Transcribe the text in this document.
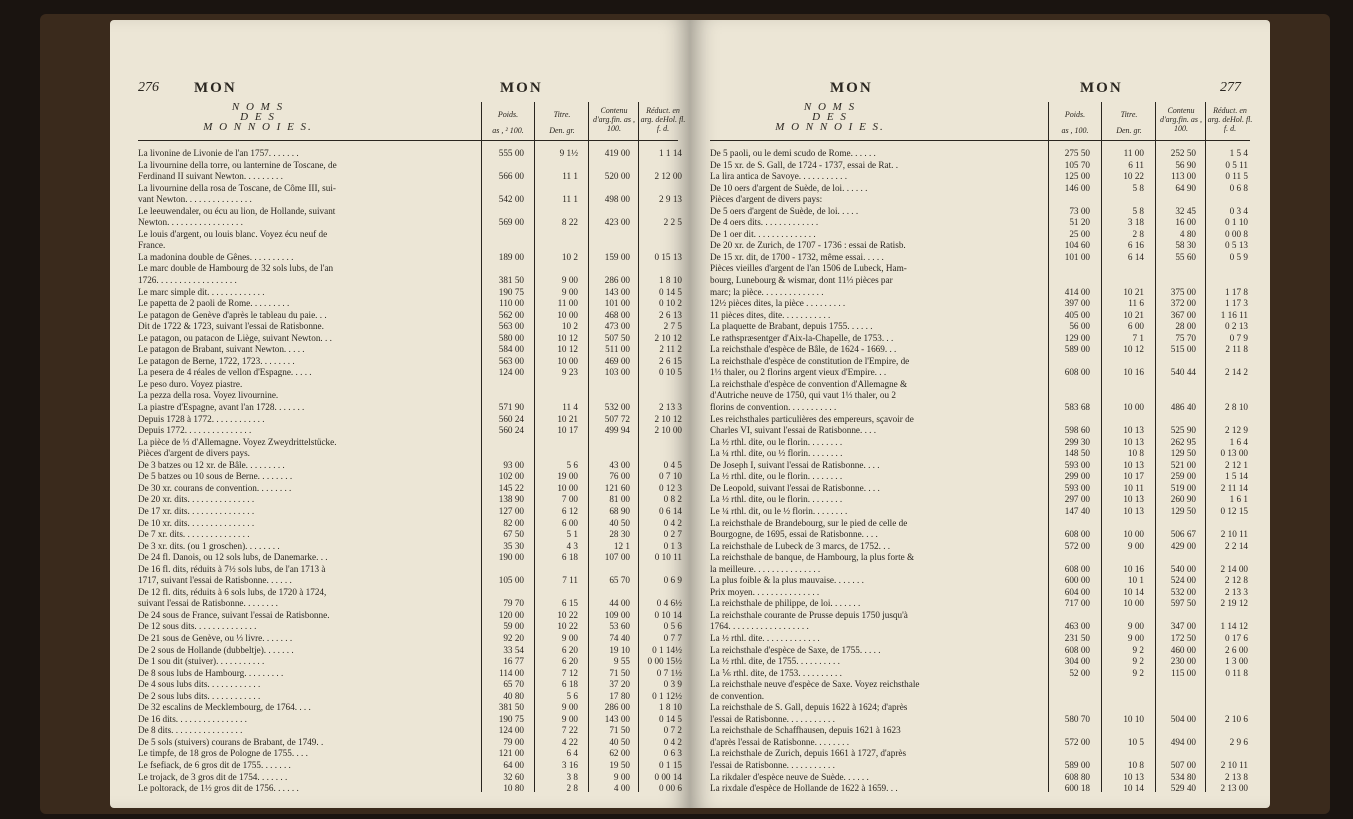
276 MON	MON
N O M S
D E S
M O N N O I E S.
Poids.
as , ² 100.
Titre.
Den. gr.
Contenu d'arg.fin. as , 100.
Réduct. en arg. deHol. fl. f. d.
La livonine de Livonie de l'an 1757. . . . . . .	555 00	9 1½	419 00	1 1 14
La livournine della torre, ou lanternine de Toscane, de
Ferdinand II suivant Newton. . . . . . . . .	566 00	11 1	520 00	2 12 00
La livournine della rosa de Toscane, de Côme III, sui-
vant Newton. . . . . . . . . . . . . . .	542 00	11 1	498 00	2 9 13
Le leeuwendaler, ou écu au lion, de Hollande, suivant
Newton. . . . . . . . . . . . . . . . .	569 00	8 22	423 00	2 2 5
Le louis d'argent, ou louis blanc. Voyez écu neuf de
France.
La madonina double de Gênes. . . . . . . . . .	189 00	10 2	159 00	0 15 13
Le marc double de Hambourg de 32 sols lubs, de l'an
1726. . . . . . . . . . . . . . . . . .	381 50	9 00	286 00	1 8 10
Le marc simple dit. . . . . . . . . . . . .	190 75	9 00	143 00	0 14 5
Le papetta de 2 paoli de Rome. . . . . . . . .	110 00	11 00	101 00	0 10 2
Le patagon de Genève d'après le tableau du paie. . .	562 00	10 00	468 00	2 6 13
Dit de 1722 & 1723, suivant l'essai de Ratisbonne.	563 00	10 2	473 00	2 7 5
Le patagon, ou patacon de Liège, suivant Newton. . .	580 00	10 12	507 50	2 10 12
Le patagon de Brabant, suivant Newton. . . . .	584 00	10 12	511 00	2 11 2
Le patagon de Berne, 1722, 1723. . . . . . . .	563 00	10 00	469 00	2 6 15
La pesera de 4 réales de vellon d'Espagne. . . . .	124 00	9 23	103 00	0 10 5
Le peso duro. Voyez piastre.
La pezza della rosa. Voyez livournine.
La piastre d'Espagne, avant l'an 1728. . . . . . .	571 90	11 4	532 00	2 13 3
Depuis 1728 à 1772. . . . . . . . . . . .	560 24	10 21	507 72	2 10 12
Depuis 1772. . . . . . . . . . . . . . .	560 24	10 17	499 94	2 10 00
La pièce de ⅓ d'Allemagne. Voyez Zweydrittelstücke.
Pièces d'argent de divers pays.
De 3 batzes ou 12 xr. de Bâle. . . . . . . . .	93 00	5 6	43 00	0 4 5
De 5 batzes ou 10 sous de Berne. . . . . . . .	102 00	19 00	76 00	0 7 10
De 30 xr. courans de convention. . . . . . . .	145 22	10 00	121 60	0 12 3
De 20 xr. dits. . . . . . . . . . . . . . .	138 90	7 00	81 00	0 8 2
De 17 xr. dits. . . . . . . . . . . . . . .	127 00	6 12	68 90	0 6 14
De 10 xr. dits. . . . . . . . . . . . . . .	82 00	6 00	40 50	0 4 2
De 7 xr. dits. . . . . . . . . . . . . . .	67 50	5 1	28 30	0 2 7
De 3 xr. dits. (ou 1 groschen). . . . . . . .	35 30	4 3	12 1	0 1 3
De 24 fl. Danois, ou 12 sols lubs, de Danemarke. . .	190 00	6 18	107 00	0 10 11
De 16 fl. dits, réduits à 7½ sols lubs, de l'an 1713 à
1717, suivant l'essai de Ratisbonne. . . . . .	105 00	7 11	65 70	0 6 9
De 12 fl. dits, réduits à 6 sols lubs, de 1720 à 1724,
suivant l'essai de Ratisbonne. . . . . . . .	79 70	6 15	44 00	0 4 6½
De 24 sous de France, suivant l'essai de Ratisbonne.	120 00	10 22	109 00	0 10 14
De 12 sous dits. . . . . . . . . . . . . .	59 00	10 22	53 60	0 5 6
De 21 sous de Genève, ou ⅓ livre. . . . . . .	92 20	9 00	74 40	0 7 7
De 2 sous de Hollande (dubbeltje). . . . . . .	33 54	6 20	19 10	0 1 14½
De 1 sou dit (stuiver). . . . . . . . . . .	16 77	6 20	9 55	0 00 15½
De 8 sous lubs de Hambourg. . . . . . . . .	114 00	7 12	71 50	0 7 1½
De 4 sous lubs dits. . . . . . . . . . . .	65 70	6 18	37 20	0 3 9
De 2 sous lubs dits. . . . . . . . . . . .	40 80	5 6	17 80	0 1 12½
De 32 escalins de Mecklembourg, de 1764. . . .	381 50	9 00	286 00	1 8 10
De 16 dits. . . . . . . . . . . . . . . .	190 75	9 00	143 00	0 14 5
De 8 dits. . . . . . . . . . . . . . . .	124 00	7 22	71 50	0 7 2
De 5 sols (stuivers) courans de Brabant, de 1749. .	79 00	4 22	40 50	0 4 2
Le timpfe, de 18 gros de Pologne de 1755. . . .	121 00	6 4	62 00	0 6 3
Le fsefiack, de 6 gros dit de 1755. . . . . . .	64 00	3 16	19 50	0 1 15
Le trojack, de 3 gros dit de 1754. . . . . . .	32 60	3 8	9 00	0 00 14
Le poltorack, de 1½ gros dit de 1756. . . . . .	10 80	2 8	4 00	0 00 6
MON	MON	277
N O M S
D E S
M O N N O I E S.
Poids.
as , 100.
Titre.
Den. gr.
Contenu d'arg.fin. as , 100.
Réduct. en arg. deHol. fl. f. d.
De 5 paoli, ou le demi scudo de Rome. . . . . .	275 50	11 00	252 50	1 5 4
De 15 xr. de S. Gall, de 1724 - 1737, essai de Rat. .	105 70	6 11	56 90	0 5 11
La lira antica de Savoye. . . . . . . . . . .	125 00	10 22	113 00	0 11 5
De 10 oers d'argent de Suède, de loi. . . . . .	146 00	5 8	64 90	0 6 8
Pièces d'argent de divers pays:
De 5 oers d'argent de Suède, de loi. . . . .	73 00	5 8	32 45	0 3 4
De 4 oers dits. . . . . . . . . . . . .	51 20	3 18	16 00	0 1 10
De 1 oer dit. . . . . . . . . . . . . .	25 00	2 8	4 80	0 00 8
De 20 xr. de Zurich, de 1707 - 1736 : essai de Ratisb.	104 60	6 16	58 30	0 5 13
De 15 xr. dit, de 1700 - 1732, même essai. . . . .	101 00	6 14	55 60	0 5 9
Pièces vieilles d'argent de l'an 1506 de Lubeck, Ham-
bourg, Lunebourg & wismar, dont 11⅓ pièces par
marc; la pièce. . . . . . . . . . . . . .	414 00	10 21	375 00	1 17 8
12½ pièces dites, la pièce . . . . . . . . .	397 00	11 6	372 00	1 17 3
11 pièces dites, dite. . . . . . . . . . .	405 00	10 21	367 00	1 16 11
La plaquette de Brabant, depuis 1755. . . . . .	56 00	6 00	28 00	0 2 13
Le rathspræsentger d'Aix-la-Chapelle, de 1753. . .	129 00	7 1	75 70	0 7 9
La reichsthale d'espèce de Bâle, de 1624 - 1669. . .	589 00	10 12	515 00	2 11 8
La reichsthale d'espèce de constitution de l'Empire, de
1⅓ thaler, ou 2 florins argent vieux d'Empire. . .	608 00	10 16	540 44	2 14 2
La reichsthale d'espèce de convention d'Allemagne &
d'Autriche neuve de 1750, qui vaut 1⅓ thaler, ou 2
florins de convention. . . . . . . . . . .	583 68	10 00	486 40	2 8 10
Les reichsthales particulières des empereurs, sçavoir de
Charles VI, suivant l'essai de Ratisbonne. . . .	598 60	10 13	525 90	2 12 9
La ½ rthl. dite, ou le florin. . . . . . . .	299 30	10 13	262 95	1 6 4
La ¼ rthl. dite, ou ½ florin. . . . . . . .	148 50	10 8	129 50	0 13 00
De Joseph I, suivant l'essai de Ratisbonne. . . .	593 00	10 13	521 00	2 12 1
La ½ rthl. dite, ou le florin. . . . . . . .	299 00	10 17	259 00	1 5 14
De Leopold, suivant l'essai de Ratisbonne. . . .	593 00	10 11	519 00	2 11 14
La ½ rthl. dite, ou le florin. . . . . . . .	297 00	10 13	260 90	1 6 1
Le ¼ rthl. dit, ou le ½ florin. . . . . . . .	147 40	10 13	129 50	0 12 15
La reichsthale de Brandebourg, sur le pied de celle de
Bourgogne, de 1695, essai de Ratisbonne. . . .	608 00	10 00	506 67	2 10 11
La reichsthale de Lubeck de 3 marcs, de 1752. . .	572 00	9 00	429 00	2 2 14
La reichsthale de banque, de Hambourg, la plus forte &
la meilleure. . . . . . . . . . . . . . .	608 00	10 16	540 00	2 14 00
La plus foible & la plus mauvaise. . . . . . .	600 00	10 1	524 00	2 12 8
Prix moyen. . . . . . . . . . . . . . .	604 00	10 14	532 00	2 13 3
La reichsthale de philippe, de loi. . . . . . .	717 00	10 00	597 50	2 19 12
La reichsthale courante de Prusse depuis 1750 jusqu'à
1764. . . . . . . . . . . . . . . . . .	463 00	9 00	347 00	1 14 12
La ½ rthl. dite. . . . . . . . . . . . .	231 50	9 00	172 50	0 17 6
La reichsthale d'espèce de Saxe, de 1755. . . . .	608 00	9 2	460 00	2 6 00
La ½ rthl. dite, de 1755. . . . . . . . . .	304 00	9 2	230 00	1 3 00
La ⅙ rthl. dite, de 1753. . . . . . . . . .	52 00	9 2	115 00	0 11 8
La reichsthale neuve d'espèce de Saxe. Voyez reichsthale
de convention.
La reichsthale de S. Gall, depuis 1622 à 1624; d'après
l'essai de Ratisbonne. . . . . . . . . . .	580 70	10 10	504 00	2 10 6
La reichsthale de Schaffhausen, depuis 1621 à 1623
d'après l'essai de Ratisbonne. . . . . . . .	572 00	10 5	494 00	2 9 6
La reichsthale de Zurich, depuis 1661 à 1727, d'après
l'essai de Ratisbonne. . . . . . . . . . .	589 00	10 8	507 00	2 10 11
La rikdaler d'espèce neuve de Suède. . . . . .	608 80	10 13	534 80	2 13 8
La rixdale d'espèce de Hollande de 1622 à 1659. . .	600 18	10 14	529 40	2 13 00
